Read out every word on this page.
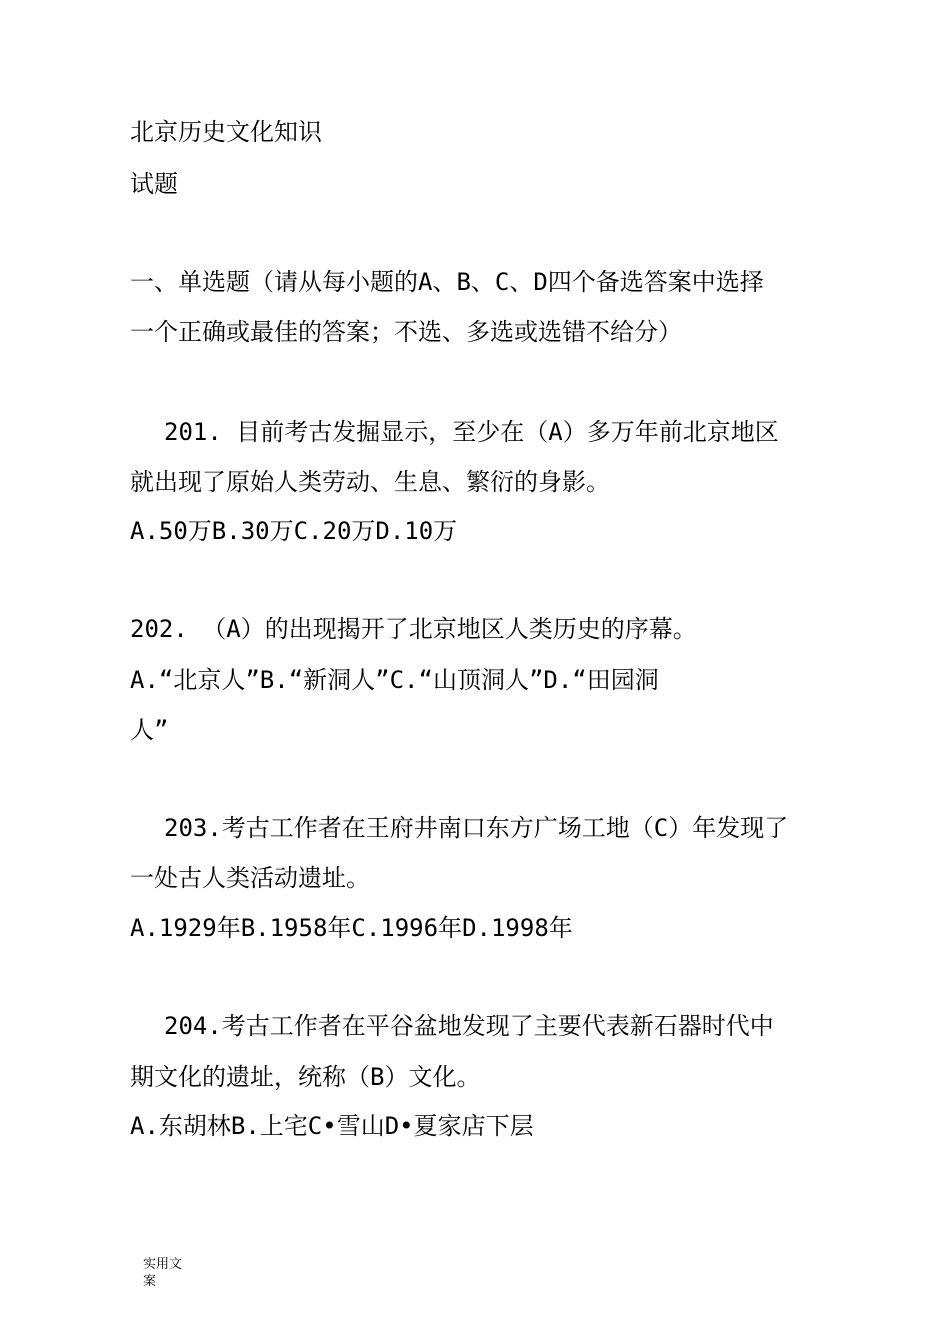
北京历史文化知识

试题

一、单选题（请从每小题的A、B、C、D四个备选答案中选择

一个正确或最佳的答案；不选、多选或选错不给分）

201. 目前考古发掘显示，至少在（A）多万年前北京地区

就出现了原始人类劳动、生息、繁衍的身影。

A.50万B.30万C.20万D.10万

202. （A）的出现揭开了北京地区人类历史的序幕。

A.“北京人”B.“新洞人”C.“山顶洞人”D.“田园洞

人”

203.考古工作者在王府井南口东方广场工地（C）年发现了

一处古人类活动遗址。

A.1929年B.1958年C.1996年D.1998年

204.考古工作者在平谷盆地发现了主要代表新石器时代中

期文化的遗址，统称（B）文化。

A.东胡林B.上宅C•雪山D•夏家店下层

实用文案
